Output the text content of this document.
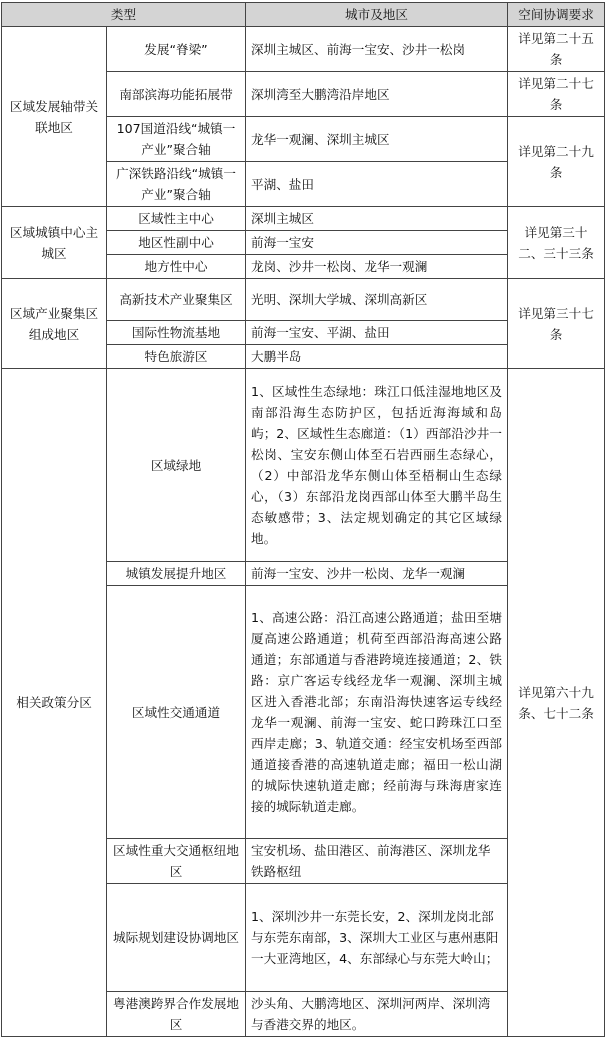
类型		城市及地区	空间协调要求
区域发展轴带关联地区	发展“脊梁”	深圳主城区、前海一宝安、沙井一松岗	详见第二十五条
	南部滨海功能拓展带	深圳湾至大鹏湾沿岸地区	详见第二十七条
	107国道沿线“城镇一产业”聚合轴	龙华一观澜、深圳主城区	详见第二十九条
	广深铁路沿线“城镇一产业”聚合轴	平湖、盐田	
区域城镇中心主城区	区域性主中心	深圳主城区	详见第三十二、三十三条
	地区性副中心	前海一宝安	
	地方性中心	龙岗、沙井一松岗、龙华一观澜	
区域产业聚集区组成地区	高新技术产业聚集区	光明、深圳大学城、深圳高新区	详见第三十七条
	国际性物流基地	前海一宝安、平湖、盐田	
	特色旅游区	大鹏半岛	
相关政策分区	区域绿地	1、区域性生态绿地：珠江口低洼湿地地区及南部沿海生态防护区，包括近海海域和岛屿；2、区域性生态廊道：（1）西部沿沙井一松岗、宝安东侧山体至石岩西丽生态绿心，（2）中部沿龙华东侧山体至梧桐山生态绿心，（3）东部沿龙岗西部山体至大鹏半岛生态敏感带；3、法定规划确定的其它区域绿地。	详见第六十九条、七十二条
	城镇发展提升地区	前海一宝安、沙井一松岗、龙华一观澜	
	区域性交通通道	1、高速公路：沿江高速公路通道；盐田至塘厦高速公路通道；机荷至西部沿海高速公路通道；东部通道与香港跨境连接通道；2、铁路：京广客运专线经龙华一观澜、深圳主城区进入香港北部；东南沿海快速客运专线经龙华一观澜、前海一宝安、蛇口跨珠江口至西岸走廊；3、轨道交通：经宝安机场至西部通道接香港的高速轨道走廊；福田一松山湖的城际快速轨道走廊；经前海与珠海唐家连接的城际轨道走廊。	
	区域性重大交通枢纽地区	宝安机场、盐田港区、前海港区、深圳龙华铁路枢纽	
	城际规划建设协调地区	1、深圳沙井一东莞长安，2、深圳龙岗北部与东莞东南部，3、深圳大工业区与惠州惠阳一大亚湾地区，4、东部绿心与东莞大岭山；	
	粤港澳跨界合作发展地区	沙头角、大鹏湾地区、深圳河两岸、深圳湾与香港交界的地区。	
